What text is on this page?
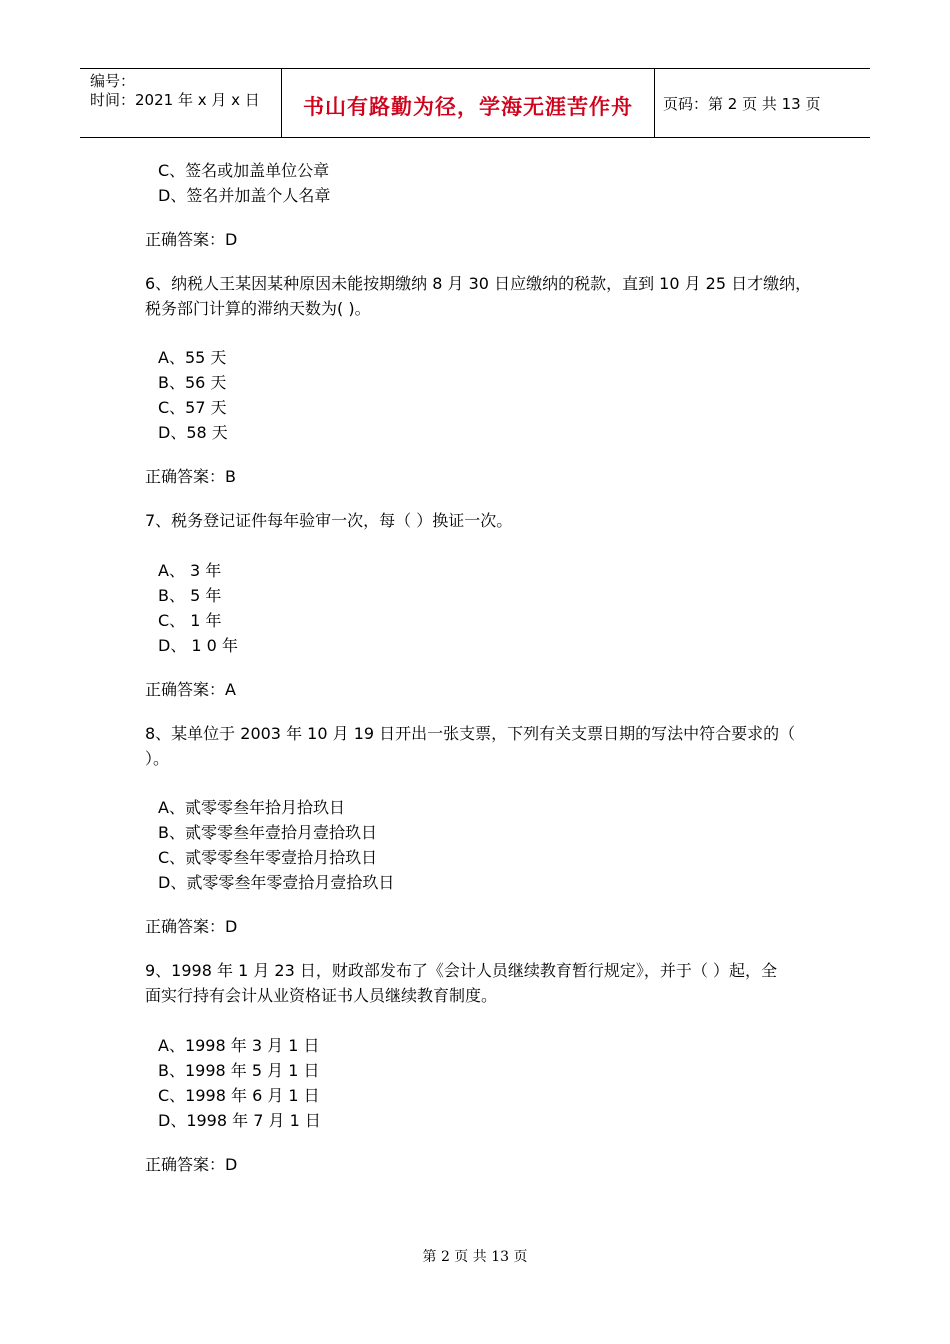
编号：
时间：2021 年 x 月 x 日	书山有路勤为径，学海无涯苦作舟	页码：第 2 页 共 13 页
C、签名或加盖单位公章
D、签名并加盖个人名章
正确答案：D
6、纳税人王某因某种原因未能按期缴纳 8 月 30 日应缴纳的税款，直到 10 月 25 日才缴纳，
税务部门计算的滞纳天数为( )。
A、55 天
B、56 天
C、57 天
D、58 天
正确答案：B
7、税务登记证件每年验审一次，每（ ）换证一次。
A、 3 年
B、 5 年
C、 1 年
D、 1 0 年
正确答案：A
8、某单位于 2003 年 10 月 19 日开出一张支票，下列有关支票日期的写法中符合要求的（
）。
A、贰零零叁年拾月拾玖日
B、贰零零叁年壹拾月壹拾玖日
C、贰零零叁年零壹拾月拾玖日
D、贰零零叁年零壹拾月壹拾玖日
正确答案：D
9、1998 年 1 月 23 日，财政部发布了《会计人员继续教育暂行规定》，并于（ ）起，全
面实行持有会计从业资格证书人员继续教育制度。
A、1998 年 3 月 1 日
B、1998 年 5 月 1 日
C、1998 年 6 月 1 日
D、1998 年 7 月 1 日
正确答案：D
第 2 页 共 13 页
